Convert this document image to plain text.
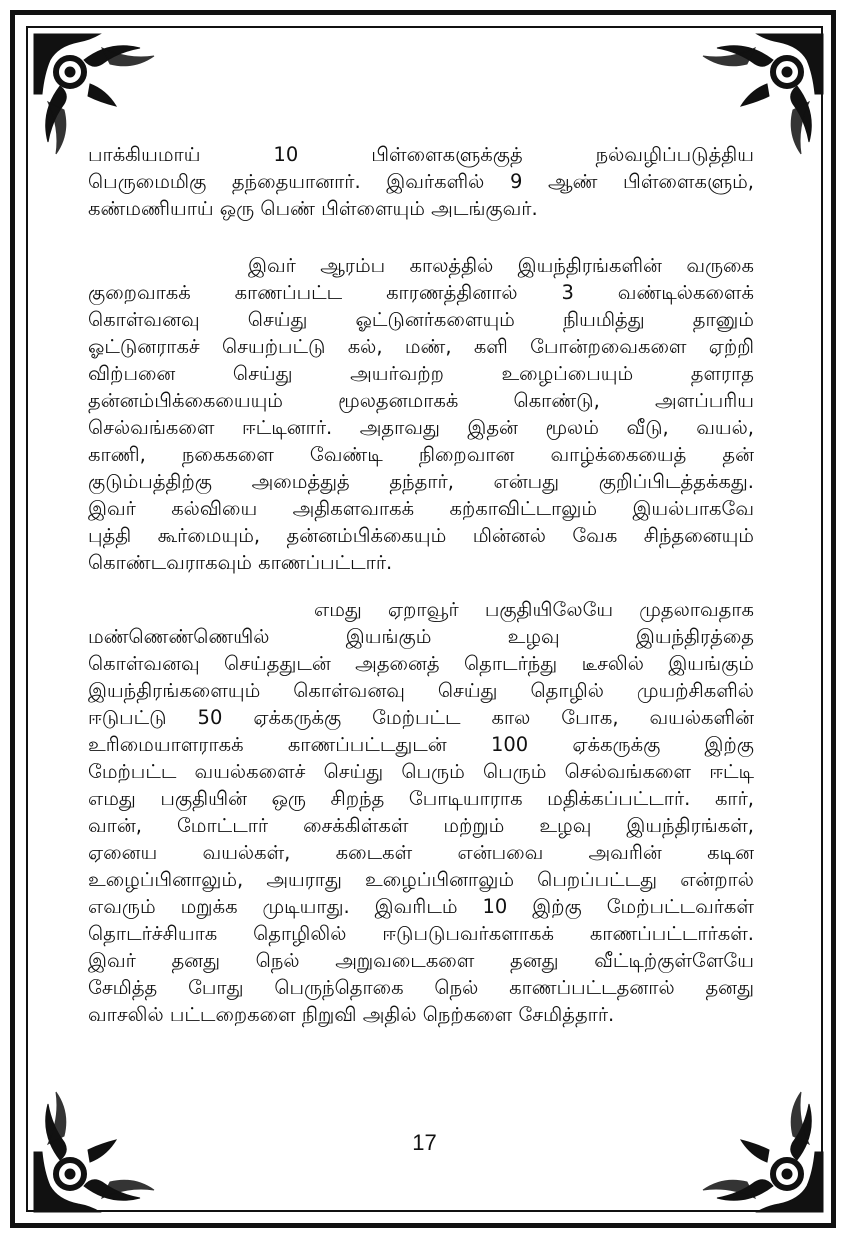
பாக்கியமாய் 10 பிள்ளைகளுக்குத் நல்வழிப்படுத்திய
பெருமைமிகு தந்தையானார். இவர்களில் 9 ஆண் பிள்ளைகளும்,
கண்மணியாய் ஒரு பெண் பிள்ளையும் அடங்குவர்.
இவர் ஆரம்ப காலத்தில் இயந்திரங்களின் வருகை
குறைவாகக் காணப்பட்ட காரணத்தினால் 3 வண்டில்களைக்
கொள்வனவு செய்து ஓட்டுனர்களையும் நியமித்து தானும்
ஓட்டுனராகச் செயற்பட்டு கல், மண், களி போன்றவைகளை ஏற்றி
விற்பனை செய்து அயர்வற்ற உழைப்பையும் தளராத
தன்னம்பிக்கையையும் மூலதனமாகக் கொண்டு, அளப்பரிய
செல்வங்களை ஈட்டினார். அதாவது இதன் மூலம் வீடு, வயல்,
காணி, நகைகளை வேண்டி நிறைவான வாழ்க்கையைத் தன்
குடும்பத்திற்கு அமைத்துத் தந்தார், என்பது குறிப்பிடத்தக்கது.
இவர் கல்வியை அதிகளவாகக் கற்காவிட்டாலும் இயல்பாகவே
புத்தி கூர்மையும், தன்னம்பிக்கையும் மின்னல் வேக சிந்தனையும்
கொண்டவராகவும் காணப்பட்டார்.
எமது ஏறாவூர் பகுதியிலேயே முதலாவதாக
மண்ணெண்ணெயில் இயங்கும் உழவு இயந்திரத்தை
கொள்வனவு செய்ததுடன் அதனைத் தொடர்ந்து டீசலில் இயங்கும்
இயந்திரங்களையும் கொள்வனவு செய்து தொழில் முயற்சிகளில்
ஈடுபட்டு 50 ஏக்கருக்கு மேற்பட்ட கால போக, வயல்களின்
உரிமையாளராகக் காணப்பட்டதுடன் 100 ஏக்கருக்கு இற்கு
மேற்பட்ட வயல்களைச் செய்து பெரும் பெரும் செல்வங்களை ஈட்டி
எமது பகுதியின் ஒரு சிறந்த போடியாராக மதிக்கப்பட்டார். கார்,
வான், மோட்டார் சைக்கிள்கள் மற்றும் உழவு இயந்திரங்கள்,
ஏனைய வயல்கள், கடைகள் என்பவை அவரின் கடின
உழைப்பினாலும், அயராது உழைப்பினாலும் பெறப்பட்டது என்றால்
எவரும் மறுக்க முடியாது. இவரிடம் 10 இற்கு மேற்பட்டவர்கள்
தொடர்ச்சியாக தொழிலில் ஈடுபடுபவர்களாகக் காணப்பட்டார்கள்.
இவர் தனது நெல் அறுவடைகளை தனது வீட்டிற்குள்ளேயே
சேமித்த போது பெருந்தொகை நெல் காணப்பட்டதனால் தனது
வாசலில் பட்டறைகளை நிறுவி அதில் நெற்களை சேமித்தார்.
17
